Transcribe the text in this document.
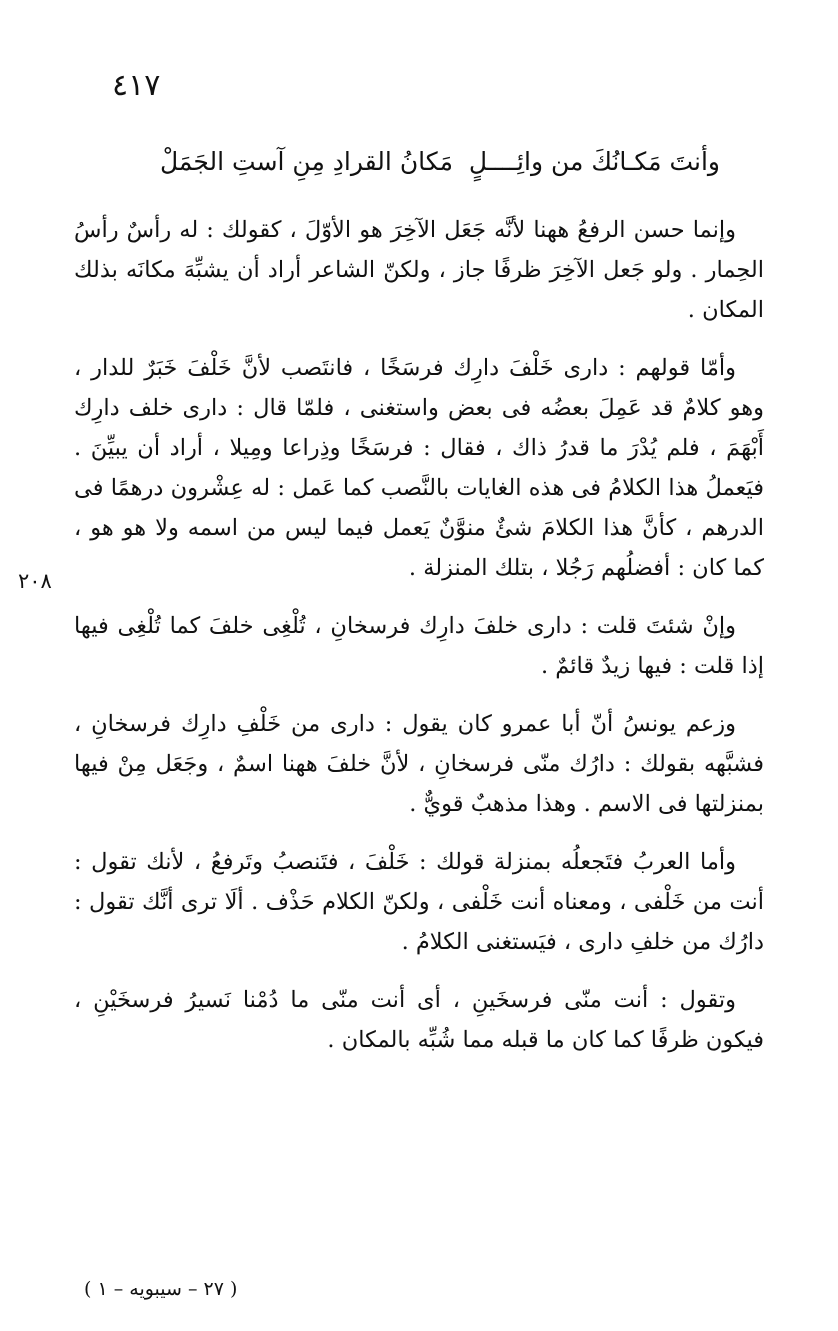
٤١٧
وأنتَ مَكـانُكَ من وائِــــلٍ
مَكانُ القرادِ مِنِ آستِ الجَمَلْ
٢٠٨

وإنما حسن الرفعُ ههنا لأنَّه جَعَل الآخِرَ هو الأوّلَ ، كقولك : له رأسٌ رأسُ الحِمار . ولو جَعل الآخِرَ ظرفًا جاز ، ولكنّ الشاعر أراد أن يشبِّهَ مكانَه بذلك المكان .

وأمّا قولهم : دارى خَلْفَ دارِك فرسَخًا ، فانتَصب لأنَّ خَلْفَ خَبَرٌ للدار ، وهو كلامٌ قد عَمِلَ بعضُه فى بعض واستغنى ، فلمّا قال : دارى خلف دارِك أَبْهَمَ ، فلم يُدْرَ ما قدرُ ذاك ، فقال : فرسَخًا وذِراعا ومِيلا ، أراد أن يبيِّنَ . فيَعملُ هذا الكلامُ فى هذه الغايات بالنَّصب كما عَمل : له عِشْرون درهمًا فى الدرهم ، كأنَّ هذا الكلامَ شئٌ منوَّنٌ يَعمل فيما ليس من اسمه ولا هو هو ، كما كان : أفضلُهم رَجُلا ، بتلك المنزلة .

وإنْ شئتَ قلت : دارى خلفَ دارِك فرسخانِ ، تُلْغِى خلفَ كما تُلْغِى فيها إذا قلت : فيها زيدٌ قائمٌ .

وزعم يونسُ أنّ أبا عمرو كان يقول : دارى من خَلْفِ دارِك فرسخانِ ، فشبَّهه بقولك : دارُك منّى فرسخانِ ، لأنَّ خلفَ ههنا اسمٌ ، وجَعَل مِنْ فيها بمنزلتها فى الاسم . وهذا مذهبٌ قويٌّ .

وأما العربُ فتَجعلُه بمنزلة قولك : خَلْفَ ، فتَنصبُ وتَرفعُ ، لأنك تقول : أنت من خَلْفى ، ومعناه أنت خَلْفى ، ولكنّ الكلام حَذْف . ألَا ترى أنَّك تقول : دارُك من خلفِ دارى ، فيَستغنى الكلامُ .

وتقول : أنت منّى فرسخَينِ ، أى أنت منّى ما دُمْنا نَسيرُ فرسخَيْنِ ، فيكون ظرفًا كما كان ما قبله مما شُبِّه بالمكان .

( ٢٧ – سيبويه – ١ )
